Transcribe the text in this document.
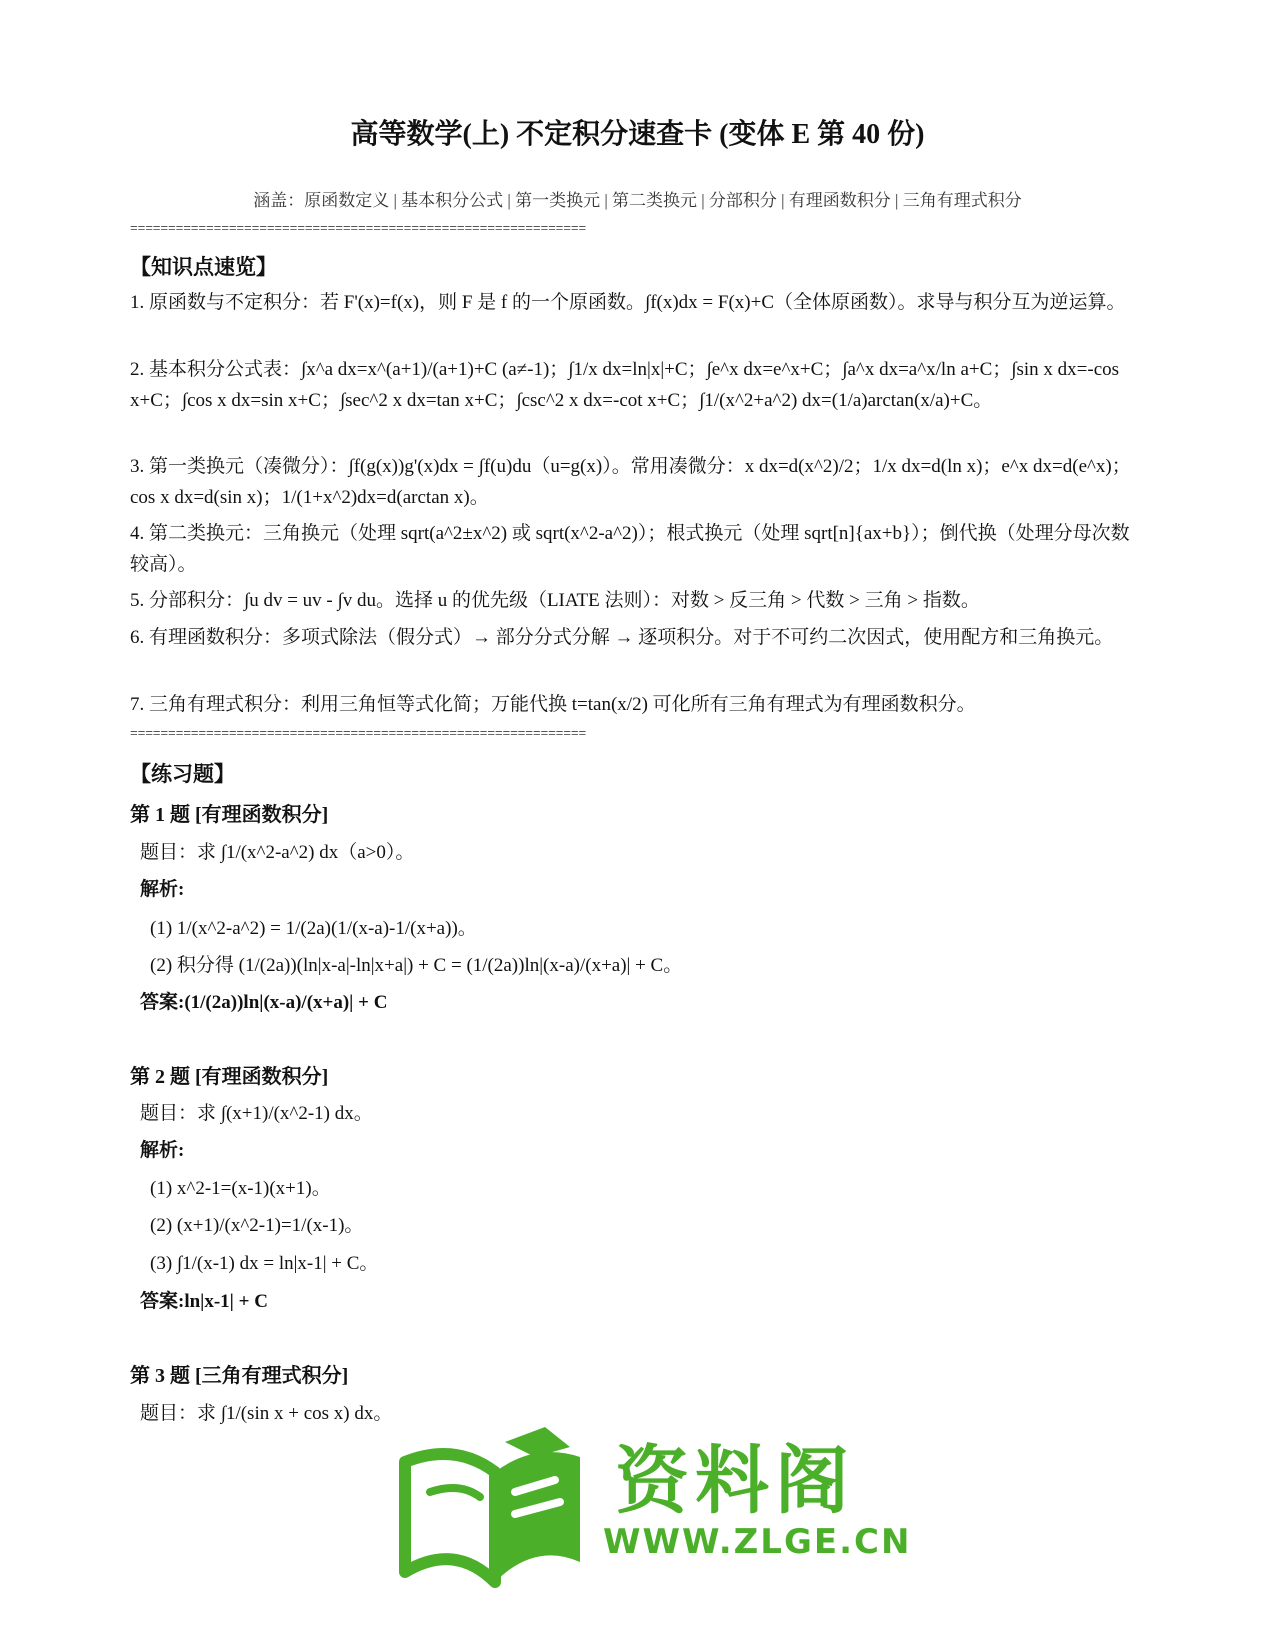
高等数学(上) 不定积分速查卡 (变体 E 第 40 份)
涵盖：原函数定义 | 基本积分公式 | 第一类换元 | 第二类换元 | 分部积分 | 有理函数积分 | 三角有理式积分
============================================================
【知识点速览】
1. 原函数与不定积分：若 F'(x)=f(x)，则 F 是 f 的一个原函数。∫f(x)dx = F(x)+C（全体原函数）。求导与积分互为逆运算。
2. 基本积分公式表：∫x^a dx=x^(a+1)/(a+1)+C (a≠-1)；∫1/x dx=ln|x|+C；∫e^x dx=e^x+C；∫a^x dx=a^x/ln a+C；∫sin x dx=-cos x+C；∫cos x dx=sin x+C；∫sec^2 x dx=tan x+C；∫csc^2 x dx=-cot x+C；∫1/(x^2+a^2) dx=(1/a)arctan(x/a)+C。
3. 第一类换元（凑微分）：∫f(g(x))g'(x)dx = ∫f(u)du（u=g(x)）。常用凑微分：x dx=d(x^2)/2；1/x dx=d(ln x)；e^x dx=d(e^x)；cos x dx=d(sin x)；1/(1+x^2)dx=d(arctan x)。
4. 第二类换元：三角换元（处理 sqrt(a^2±x^2) 或 sqrt(x^2-a^2)）；根式换元（处理 sqrt[n]{ax+b}）；倒代换（处理分母次数较高）。
5. 分部积分：∫u dv = uv - ∫v du。选择 u 的优先级（LIATE 法则）：对数 > 反三角 > 代数 > 三角 > 指数。
6. 有理函数积分：多项式除法（假分式）→ 部分分式分解 → 逐项积分。对于不可约二次因式，使用配方和三角换元。
7. 三角有理式积分：利用三角恒等式化简；万能代换 t=tan(x/2) 可化所有三角有理式为有理函数积分。
============================================================
【练习题】
第 1 题 [有理函数积分]
题目：求 ∫1/(x^2-a^2) dx（a>0）。
解析:
(1) 1/(x^2-a^2) = 1/(2a)(1/(x-a)-1/(x+a))。
(2) 积分得 (1/(2a))(ln|x-a|-ln|x+a|) + C = (1/(2a))ln|(x-a)/(x+a)| + C。
答案:(1/(2a))ln|(x-a)/(x+a)| + C
第 2 题 [有理函数积分]
题目：求 ∫(x+1)/(x^2-1) dx。
解析:
(1) x^2-1=(x-1)(x+1)。
(2) (x+1)/(x^2-1)=1/(x-1)。
(3) ∫1/(x-1) dx = ln|x-1| + C。
答案:ln|x-1| + C
第 3 题 [三角有理式积分]
题目：求 ∫1/(sin x + cos x) dx。
资料阁
WWW.ZLGE.CN
